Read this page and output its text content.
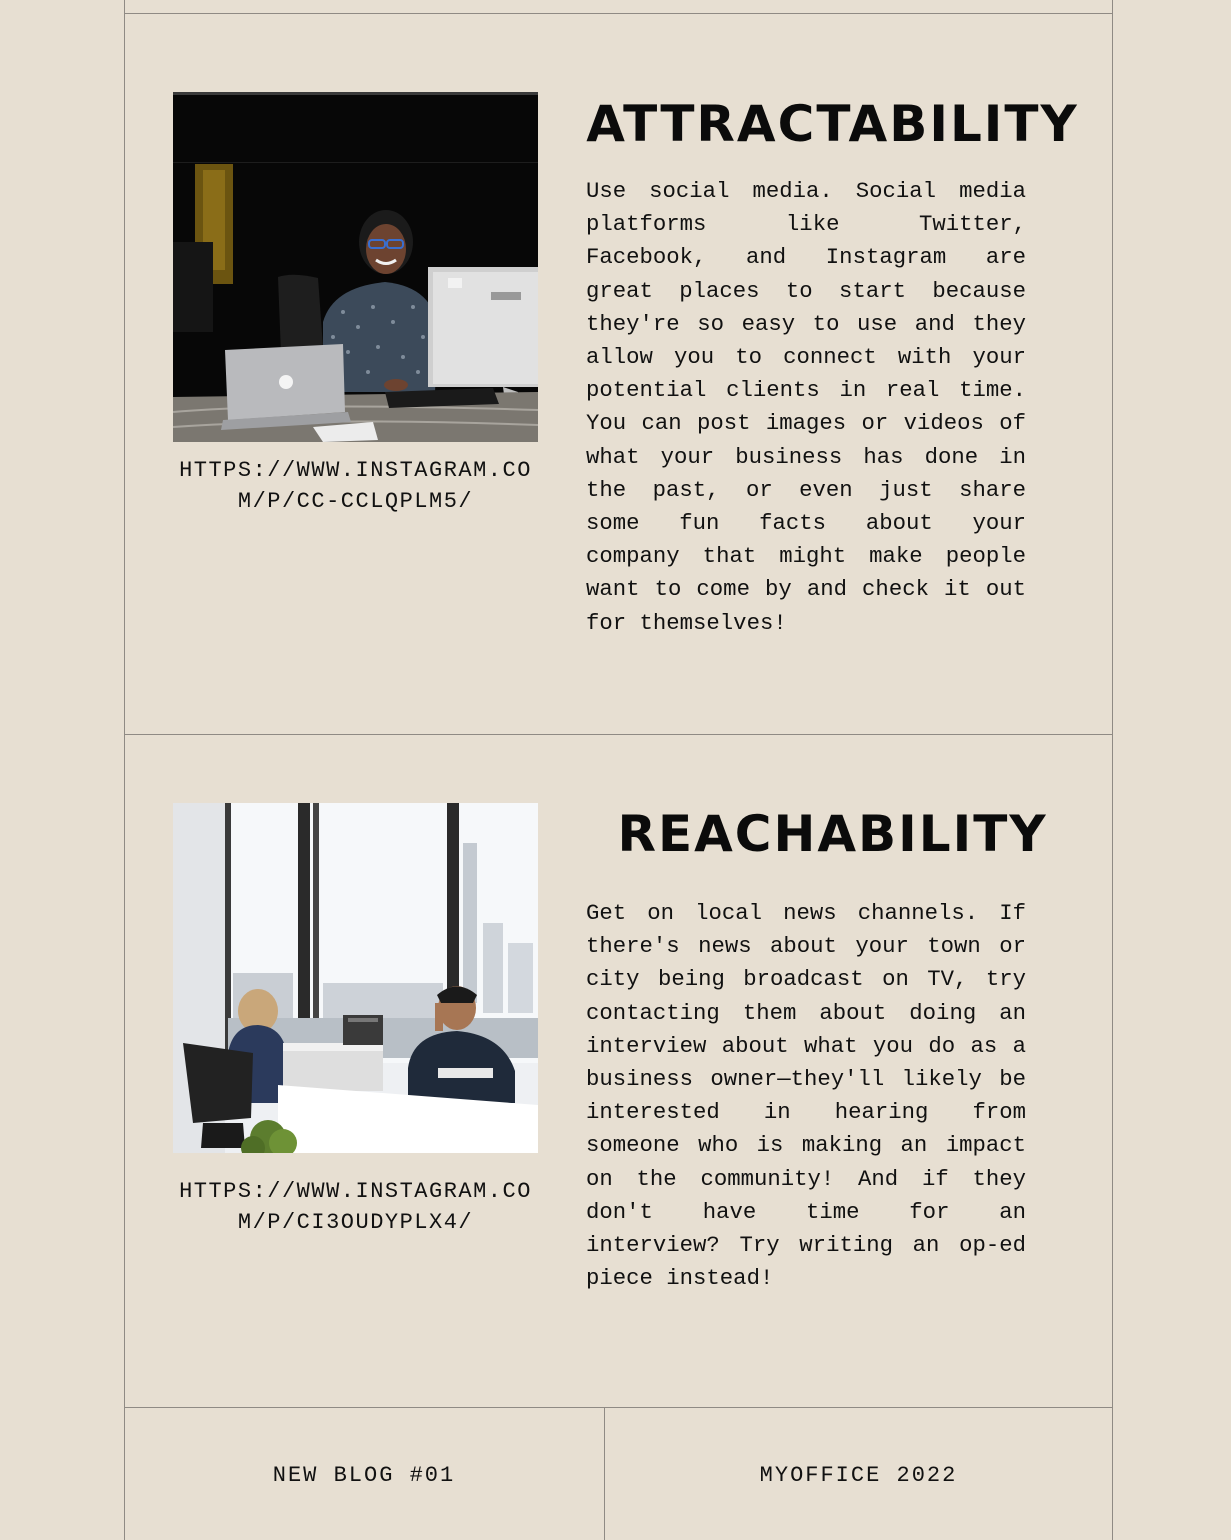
HTTPS://WWW.INSTAGRAM.COM/P/CC-CCLQPLM5/
ATTRACTABILITY

Use social media. Social media platforms like Twitter, Facebook, and Instagram are great places to start because they're so easy to use and they allow you to connect with your potential clients in real time. You can post images or videos of what your business has done in the past, or even just share some fun facts about your company that might make people want to come by and check it out for themselves!

HTTPS://WWW.INSTAGRAM.COM/P/CI3OUDYPLX4/
REACHABILITY

Get on local news channels. If there's news about your town or city being broadcast on TV, try contacting them about doing an interview about what you do as a business owner—they'll likely be interested in hearing from someone who is making an impact on the community! And if they don't have time for an interview? Try writing an op-ed piece instead!

NEW BLOG #01	MYOFFICE 2022
